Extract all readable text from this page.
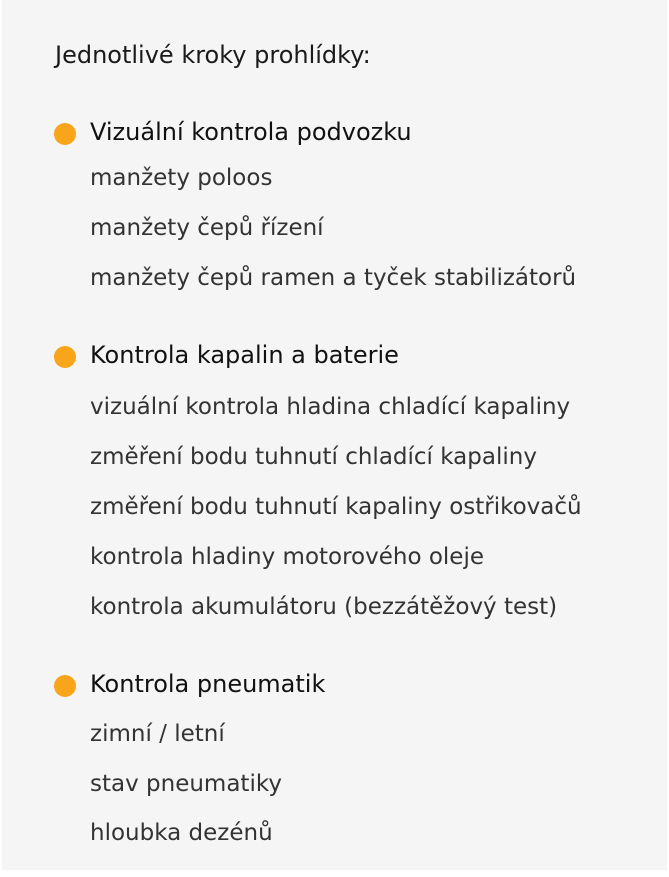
Jednotlivé kroky prohlídky:
Vizuální kontrola podvozku
manžety poloos
manžety čepů řízení
manžety čepů ramen a tyček stabilizátorů
Kontrola kapalin a baterie
vizuální kontrola hladina chladící kapaliny
změření bodu tuhnutí chladící kapaliny
změření bodu tuhnutí kapaliny ostřikovačů
kontrola hladiny motorového oleje
kontrola akumulátoru (bezzátěžový test)
Kontrola pneumatik
zimní / letní
stav pneumatiky
hloubka dezénů
